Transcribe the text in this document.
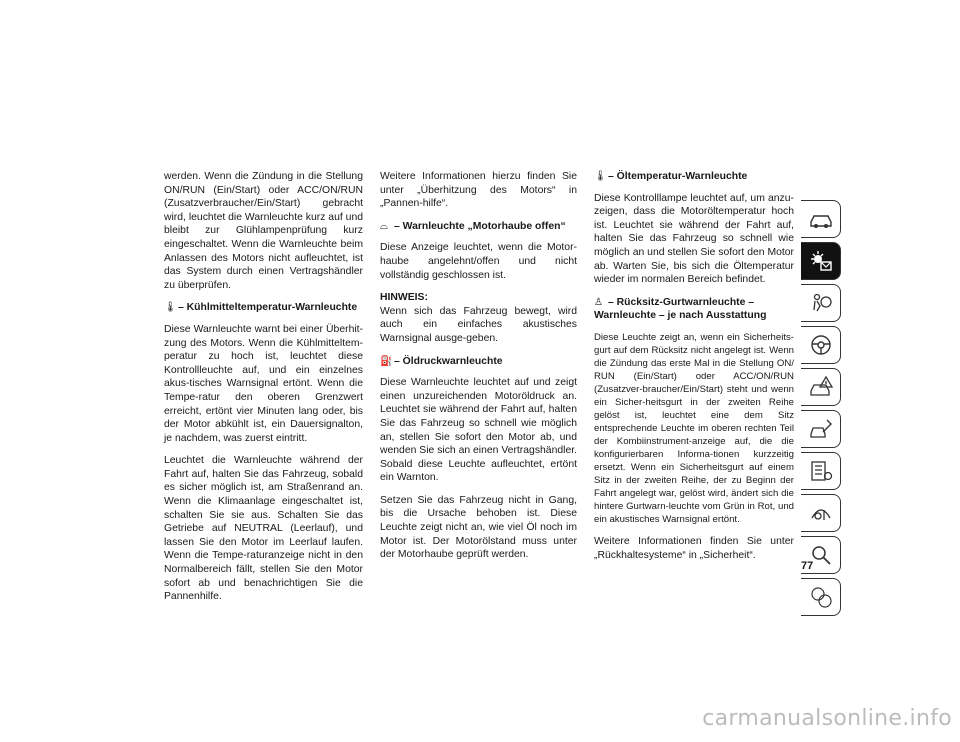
werden. Wenn die Zündung in die Stellung ON/RUN (Ein/Start) oder ACC/ON/RUN (Zusatzverbraucher/Ein/Start) gebracht wird, leuchtet die Warnleuchte kurz auf und bleibt zur Glühlampenprüfung kurz eingeschaltet. Wenn die Warnleuchte beim Anlassen des Motors nicht aufleuchtet, ist das System durch einen Vertragshändler zu überprüfen.

🌡– Kühlmitteltemperatur-Warnleuchte

Diese Warnleuchte warnt bei einer Überhit-zung des Motors. Wenn die Kühlmitteltem-peratur zu hoch ist, leuchtet diese Kontrollleuchte auf, und ein einzelnes akus-tisches Warnsignal ertönt. Wenn die Tempe-ratur den oberen Grenzwert erreicht, ertönt vier Minuten lang oder, bis der Motor abkühlt ist, ein Dauersignalton, je nachdem, was zuerst eintritt.

Leuchtet die Warnleuchte während der Fahrt auf, halten Sie das Fahrzeug, sobald es sicher möglich ist, am Straßenrand an. Wenn die Klimaanlage eingeschaltet ist, schalten Sie sie aus. Schalten Sie das Getriebe auf NEUTRAL (Leerlauf), und lassen Sie den Motor im Leerlauf laufen. Wenn die Tempe-raturanzeige nicht in den Normalbereich fällt, stellen Sie den Motor sofort ab und benachrichtigen Sie die Pannenhilfe.

Weitere Informationen hierzu finden Sie unter „Überhitzung des Motors“ in „Pannen-hilfe“.

⌓ – Warnleuchte „Motorhaube offen“

Diese Anzeige leuchtet, wenn die Motor-haube angelehnt/offen und nicht vollständig geschlossen ist.

HINWEIS:
Wenn sich das Fahrzeug bewegt, wird auch ein einfaches akustisches Warnsignal ausge-geben.

⛽ – Öldruckwarnleuchte

Diese Warnleuchte leuchtet auf und zeigt einen unzureichenden Motoröldruck an. Leuchtet sie während der Fahrt auf, halten Sie das Fahrzeug so schnell wie möglich an, stellen Sie sofort den Motor ab, und wenden Sie sich an einen Vertragshändler. Sobald diese Leuchte aufleuchtet, ertönt ein Warnton.

Setzen Sie das Fahrzeug nicht in Gang, bis die Ursache behoben ist. Diese Leuchte zeigt nicht an, wie viel Öl noch im Motor ist. Der Motorölstand muss unter der Motorhaube geprüft werden.

🌡– Öltemperatur-Warnleuchte

Diese Kontrolllampe leuchtet auf, um anzu-zeigen, dass die Motoröltemperatur hoch ist. Leuchtet sie während der Fahrt auf, halten Sie das Fahrzeug so schnell wie möglich an und stellen Sie sofort den Motor ab. Warten Sie, bis sich die Öltemperatur wieder im normalen Bereich befindet.

♙ – Rücksitz-Gurtwarnleuchte –
Warnleuchte – je nach Ausstattung

Diese Leuchte zeigt an, wenn ein Sicherheits-gurt auf dem Rücksitz nicht angelegt ist. Wenn die Zündung das erste Mal in die Stellung ON/ RUN (Ein/Start) oder ACC/ON/RUN (Zusatzver-braucher/Ein/Start) steht und wenn ein Sicher-heitsgurt in der zweiten Reihe gelöst ist, leuchtet eine dem Sitz entsprechende Leuchte im oberen rechten Teil der Kombiinstrument-anzeige auf, die die konfigurierbaren Informa-tionen kurzzeitig ersetzt. Wenn ein Sicherheitsgurt auf einem Sitz in der zweiten Reihe, der zu Beginn der Fahrt angelegt war, gelöst wird, ändert sich die hintere Gurtwarn-leuchte vom Grün in Rot, und ein akustisches Warnsignal ertönt.

Weitere Informationen finden Sie unter „Rückhaltesysteme“ in „Sicherheit“.

77
carmanualsonline.info
